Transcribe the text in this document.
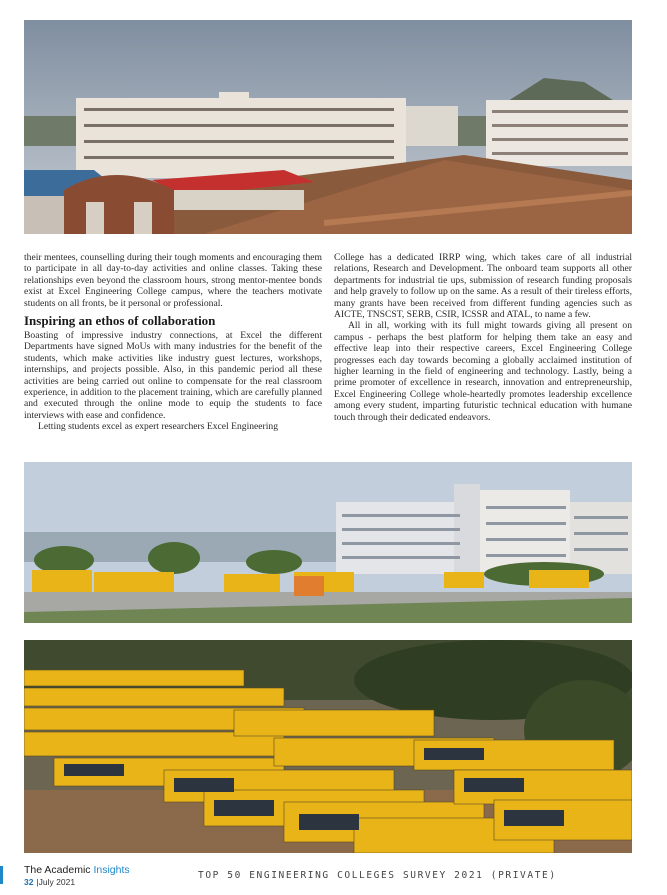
their mentees, counselling during their tough moments and encouraging them to participate in all day-to-day activities and online classes. Taking these relationships even beyond the classroom hours, strong mentor-mentee bonds exist at Excel Engineering College campus, where the teachers motivate students on all fronts, be it personal or professional.

Inspiring an ethos of collaboration

Boasting of impressive industry connections, at Excel the different Departments have signed MoUs with many industries for the benefit of the students, which make activities like industry guest lectures, workshops, internships, and projects possible. Also, in this pandemic period all these activities are being carried out online to compensate for the real classroom experience, in addition to the placement training, which are carefully planned and executed through the online mode to equip the students to face interviews with ease and confidence.

Letting students excel as expert researchers Excel Engineering

College has a dedicated IRRP wing, which takes care of all industrial relations, Research and Development. The onboard team supports all other departments for industrial tie ups, submission of research funding proposals and help gravely to follow up on the same. As a result of their tireless efforts, many grants have been received from different funding agencies such as AICTE, TNSCST, SERB, CSIR, ICSSR and ATAL, to name a few.

All in all, working with its full might towards giving all present on campus - perhaps the best platform for helping them take an easy and effective leap into their respective careers, Excel Engineering College progresses each day towards becoming a globally acclaimed institution of higher learning in the field of engineering and technology. Lastly, being a prime promoter of excellence in research, innovation and entrepreneurship, Excel Engineering College whole-heartedly promotes leadership excellence among every student, imparting futuristic technical education with humane touch through their dedicated endeavors.

The Academic Insights
32 |July 2021
TOP 50 ENGINEERING COLLEGES SURVEY 2021 (PRIVATE)
